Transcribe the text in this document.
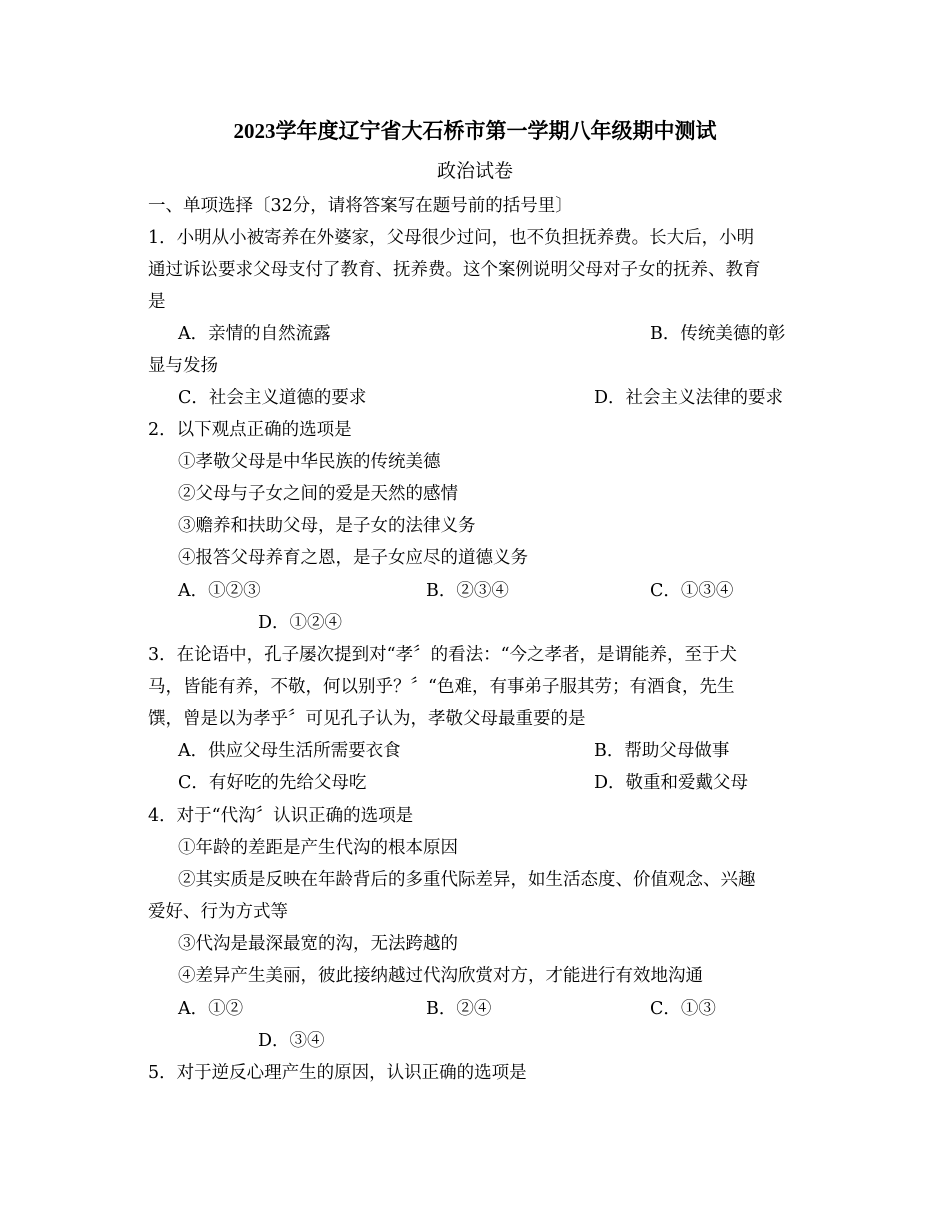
2023学年度辽宁省大石桥市第一学期八年级期中测试
政治试卷
一、单项选择〔32分，请将答案写在题号前的括号里〕
1．小明从小被寄养在外婆家，父母很少过问，也不负担抚养费。长大后，小明
通过诉讼要求父母支付了教育、抚养费。这个案例说明父母对子女的抚养、教育
是
A．亲情的自然流露	B．传统美德的彰
显与发扬
C．社会主义道德的要求	D．社会主义法律的要求
2．以下观点正确的选项是
①孝敬父母是中华民族的传统美德
②父母与子女之间的爱是天然的感情
③赡养和扶助父母，是子女的法律义务
④报答父母养育之恩，是子女应尽的道德义务
A．①②③	B．②③④	C．①③④
D．①②④
3．在论语中，孔子屡次提到对“孝〞的看法：“今之孝者，是谓能养，至于犬
马，皆能有养，不敬，何以别乎？〞“色难，有事弟子服其劳；有酒食，先生
馔，曾是以为孝乎〞可见孔子认为，孝敬父母最重要的是
A．供应父母生活所需要衣食	B．帮助父母做事
C．有好吃的先给父母吃	D．敬重和爱戴父母
4．对于“代沟〞认识正确的选项是
①年龄的差距是产生代沟的根本原因
②其实质是反映在年龄背后的多重代际差异，如生活态度、价值观念、兴趣
爱好、行为方式等
③代沟是最深最宽的沟，无法跨越的
④差异产生美丽，彼此接纳越过代沟欣赏对方，才能进行有效地沟通
A．①②	B．②④	C．①③
D．③④
5．对于逆反心理产生的原因，认识正确的选项是
